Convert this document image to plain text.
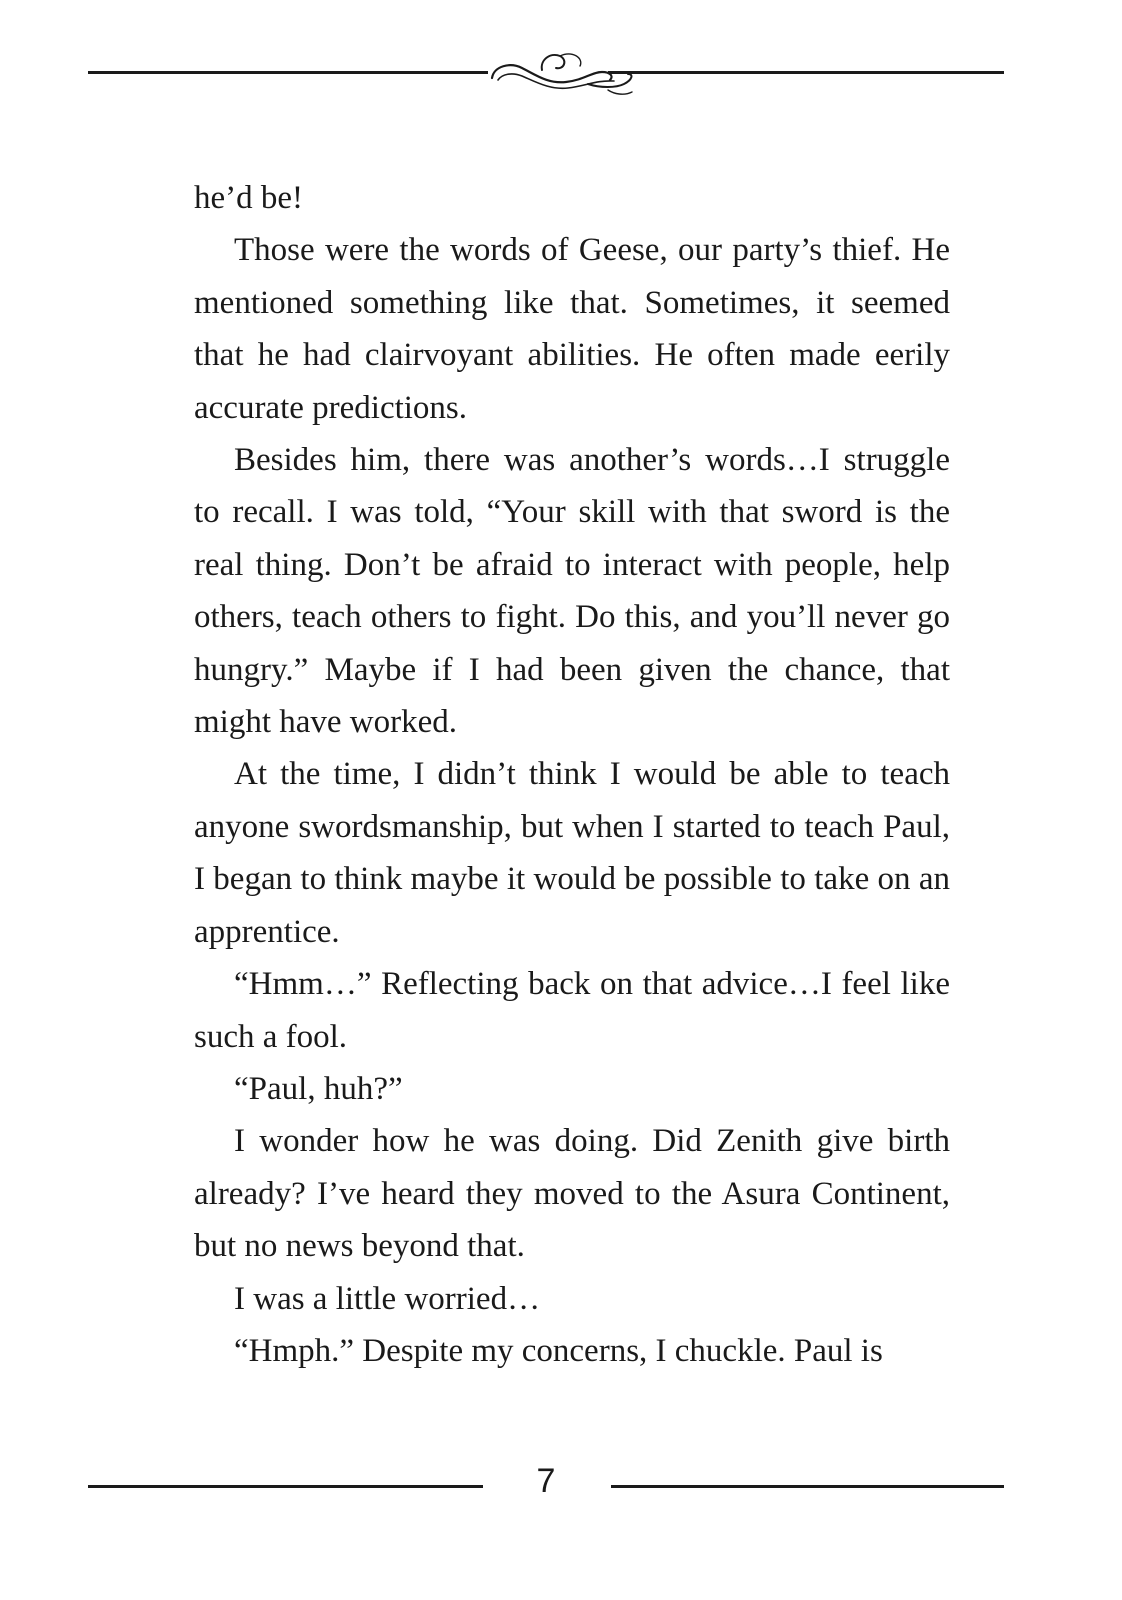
he’d be!

Those were the words of Geese, our party’s thief. He mentioned something like that. Sometimes, it seemed that he had clairvoyant abilities. He often made eerily accurate predictions.

Besides him, there was another’s words…I struggle to recall. I was told, “Your skill with that sword is the real thing. Don’t be afraid to interact with people, help others, teach others to fight. Do this, and you’ll never go hungry.” Maybe if I had been given the chance, that might have worked.

At the time, I didn’t think I would be able to teach anyone swordsmanship, but when I started to teach Paul, I began to think maybe it would be possible to take on an apprentice.

“Hmm…” Reflecting back on that advice…I feel like such a fool.

“Paul, huh?”

I wonder how he was doing. Did Zenith give birth already? I’ve heard they moved to the Asura Continent, but no news beyond that.

I was a little worried…

“Hmph.” Despite my concerns, I chuckle. Paul is

7
